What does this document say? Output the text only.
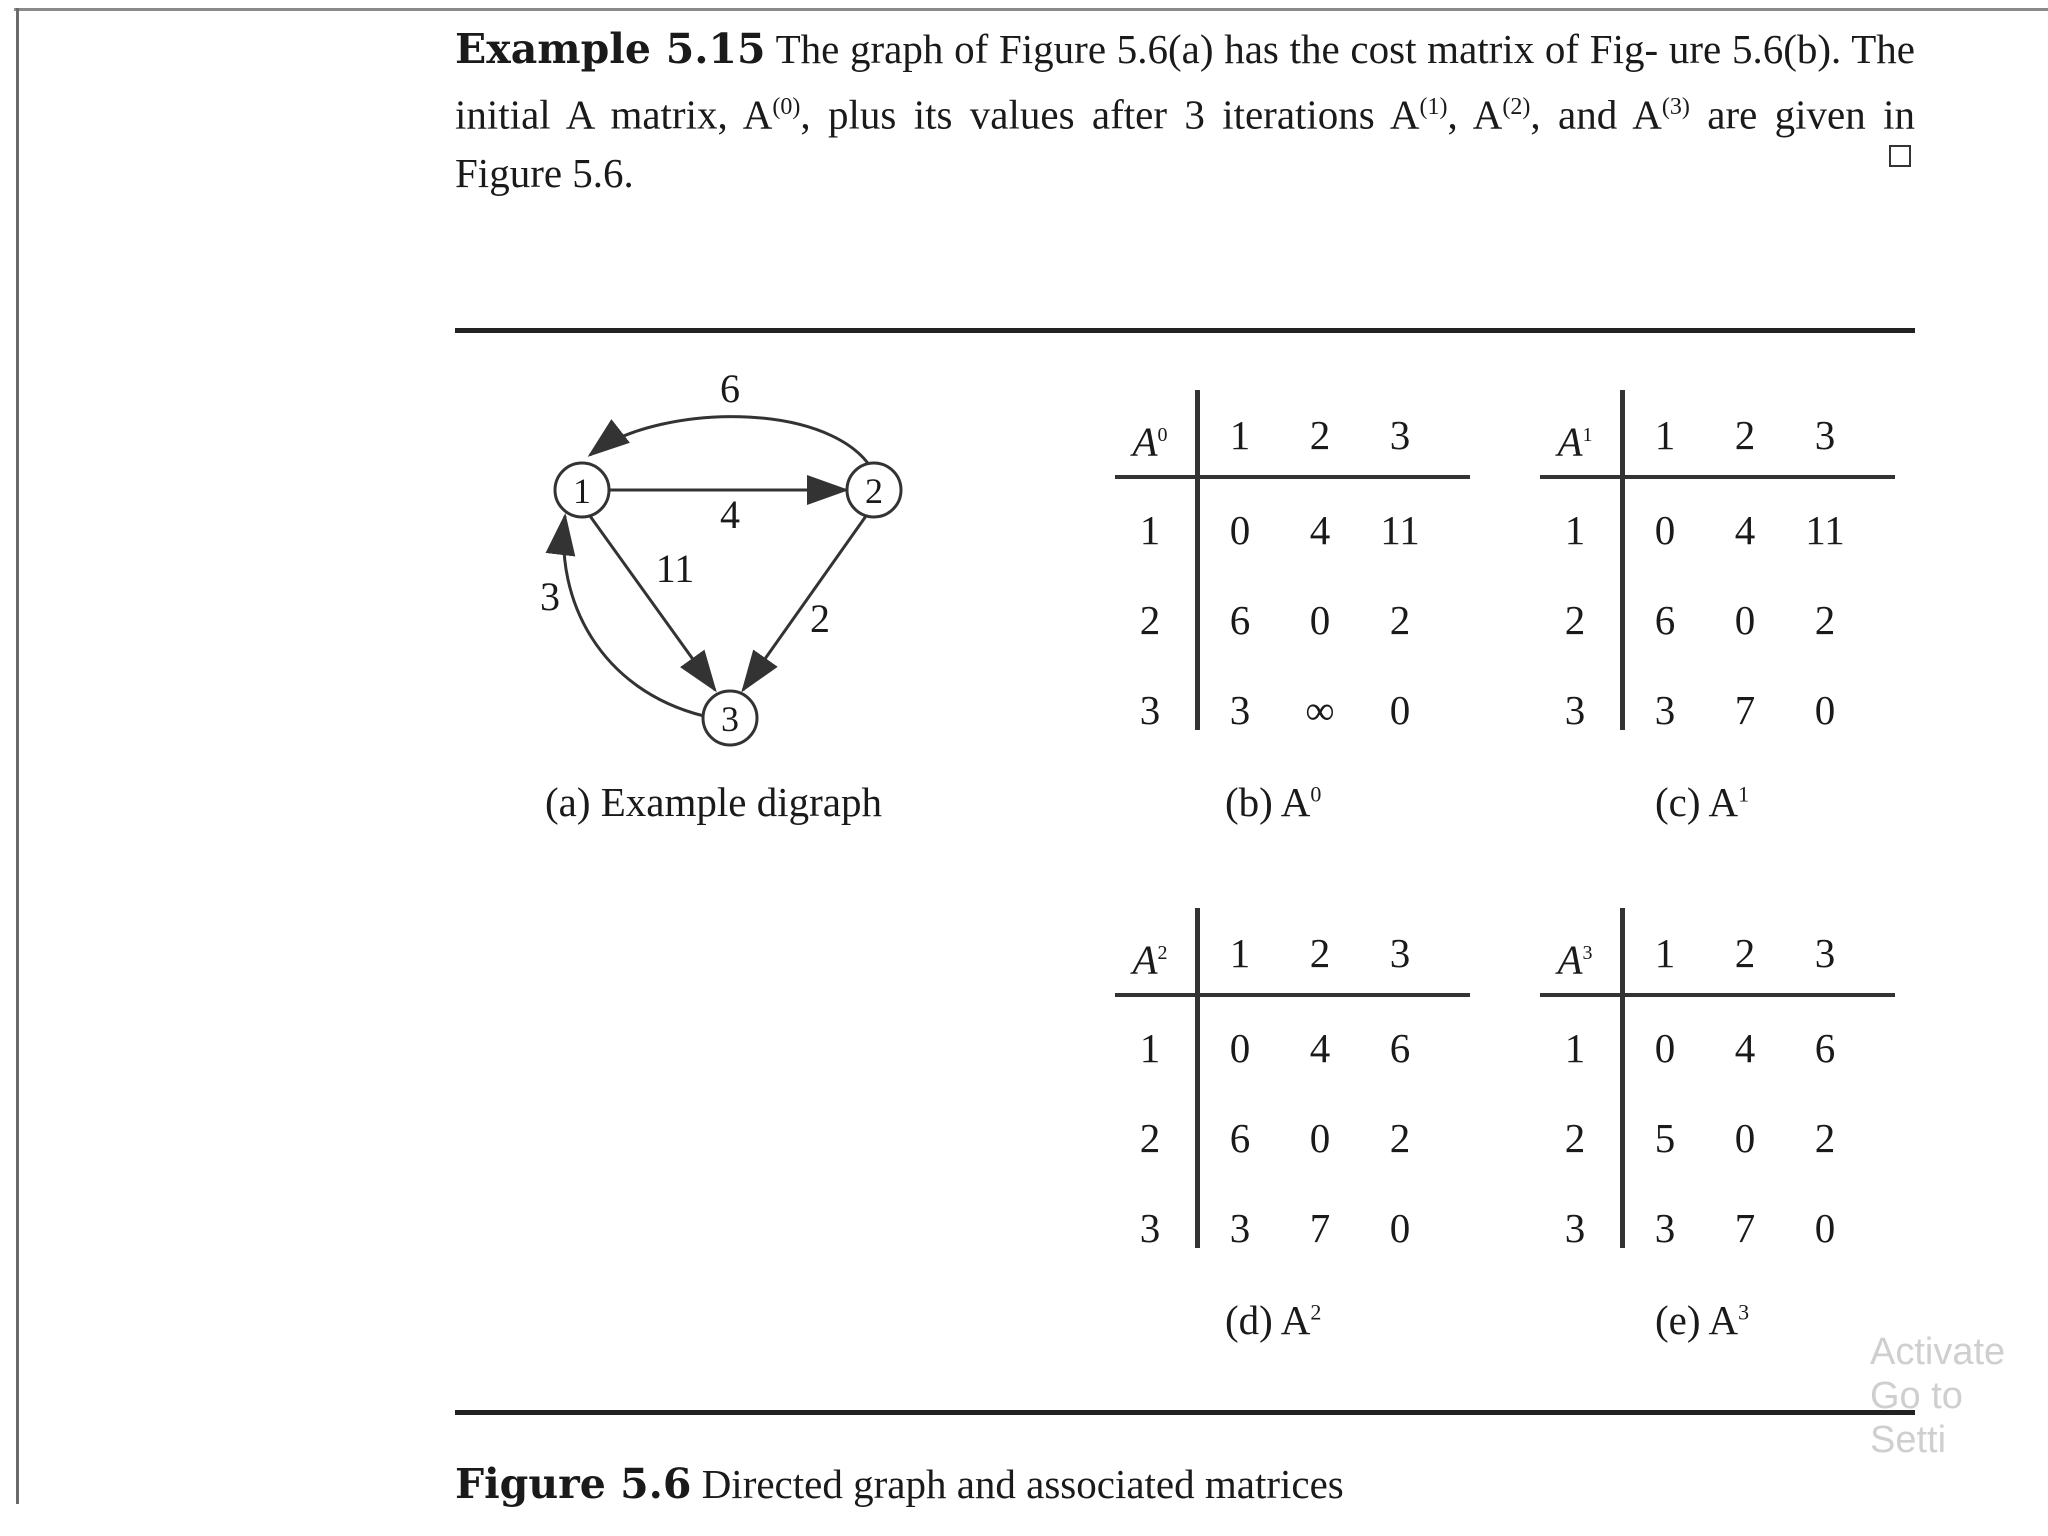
Example 5.15 The graph of Figure 5.6(a) has the cost matrix of Fig- ure 5.6(b). The initial A matrix, $A^{(0)}$, plus its values after 3 iterations $A^{(1)}$, $A^{(2)}$, and $A^{(3)}$ are given in Figure 5.6.
1	2
3
6
4
11
2
3
(a) Example digraph	(b) $A^0$	(c) $A^1$
(d) $A^2$	(e) $A^3$
$A^0$	1	2	3
1	0	4	11
2	6	0	2
3	3	∞	0
$A^1$	1	2	3
1	0	4	11
2	6	0	2
3	3	7	0
$A^2$	1	2	3
1	0	4	6
2	6	0	2
3	3	7	0
$A^3$	1	2	3
1	0	4	6
2	5	0	2
3	3	7	0
Figure 5.6 Directed graph and associated matrices
Activate
Go to Setti
